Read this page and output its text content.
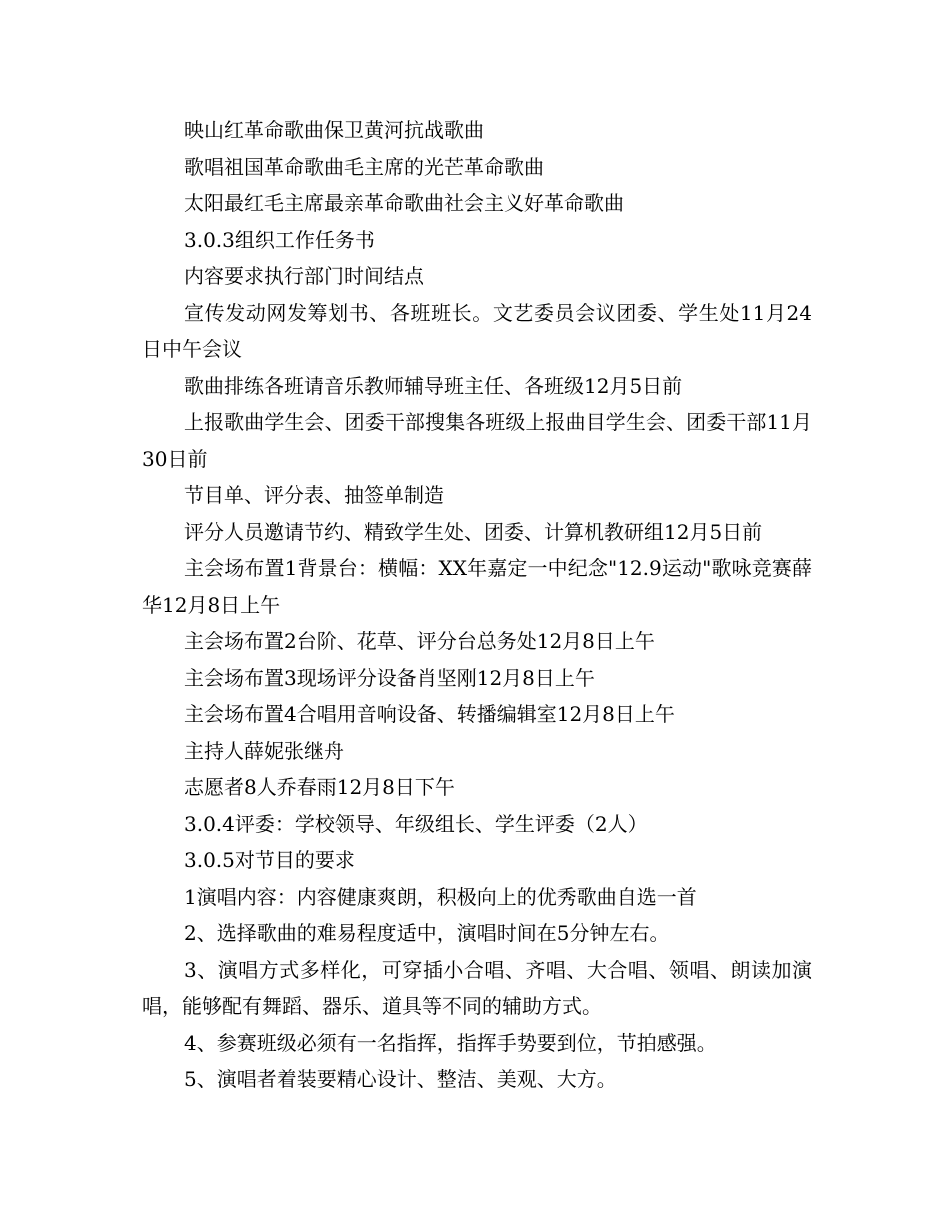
映山红革命歌曲保卫黄河抗战歌曲

歌唱祖国革命歌曲毛主席的光芒革命歌曲

太阳最红毛主席最亲革命歌曲社会主义好革命歌曲

3.0.3组织工作任务书

内容要求执行部门时间结点

宣传发动网发筹划书、各班班长。文艺委员会议团委、学生处11月24日中午会议

歌曲排练各班请音乐教师辅导班主任、各班级12月5日前

上报歌曲学生会、团委干部搜集各班级上报曲目学生会、团委干部11月30日前

节目单、评分表、抽签单制造

评分人员邀请节约、精致学生处、团委、计算机教研组12月5日前

主会场布置1背景台：横幅：XX年嘉定一中纪念"12.9运动"歌咏竞赛薛华12月8日上午

主会场布置2台阶、花草、评分台总务处12月8日上午

主会场布置3现场评分设备肖坚刚12月8日上午

主会场布置4合唱用音响设备、转播编辑室12月8日上午

主持人薛妮张继舟

志愿者8人乔春雨12月8日下午

3.0.4评委：学校领导、年级组长、学生评委（2人）

3.0.5对节目的要求

1演唱内容：内容健康爽朗，积极向上的优秀歌曲自选一首

2、选择歌曲的难易程度适中，演唱时间在5分钟左右。

3、演唱方式多样化，可穿插小合唱、齐唱、大合唱、领唱、朗读加演唱，能够配有舞蹈、器乐、道具等不同的辅助方式。

4、参赛班级必须有一名指挥，指挥手势要到位，节拍感强。

5、演唱者着装要精心设计、整洁、美观、大方。
